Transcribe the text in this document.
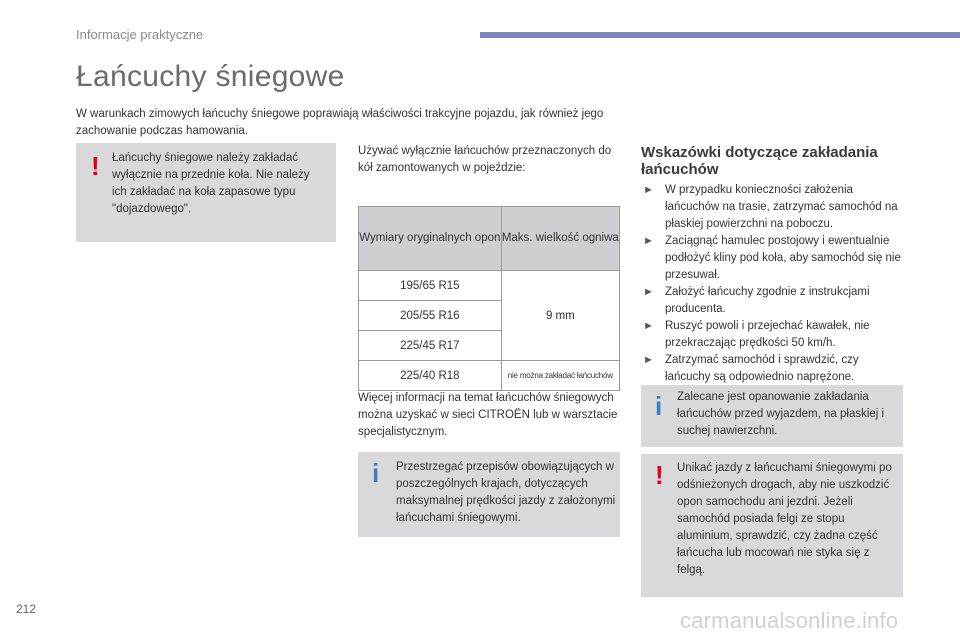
Informacje praktyczne
Łańcuchy śniegowe

W warunkach zimowych łańcuchy śniegowe poprawiają właściwości trakcyjne pojazdu, jak również jego zachowanie podczas hamowania.

! Łańcuchy śniegowe należy zakładać wyłącznie na przednie koła. Nie należy ich zakładać na koła zapasowe typu "dojazdowego".

Używać wyłącznie łańcuchów przeznaczonych do kół zamontowanych w pojeździe:

Wymiary oryginalnych opon	Maks. wielkość ogniwa
195/65 R15	9 mm
205/55 R16	
225/45 R17	
225/40 R18	nie można zakładać łańcuchów

Więcej informacji na temat łańcuchów śniegowych można uzyskać w sieci CITROËN lub w warsztacie specjalistycznym.

i Przestrzegać przepisów obowiązujących w poszczególnych krajach, dotyczących maksymalnej prędkości jazdy z założonymi łańcuchami śniegowymi.

Wskazówki dotyczące zakładania łańcuchów
► W przypadku konieczności założenia łańcuchów na trasie, zatrzymać samochód na płaskiej powierzchni na poboczu.
► Zaciągnąć hamulec postojowy i ewentualnie podłożyć kliny pod koła, aby samochód się nie przesuwał.
► Założyć łańcuchy zgodnie z instrukcjami producenta.
► Ruszyć powoli i przejechać kawałek, nie przekraczając prędkości 50 km/h.
► Zatrzymać samochód i sprawdzić, czy łańcuchy są odpowiednio naprężone.
i Zalecane jest opanowanie zakładania łańcuchów przed wyjazdem, na płaskiej i suchej nawierzchni.

! Unikać jazdy z łańcuchami śniegowymi po odśnieżonych drogach, aby nie uszkodzić opon samochodu ani jezdni. Jeżeli samochód posiada felgi ze stopu aluminium, sprawdzić, czy żadna część łańcucha lub mocowań nie styka się z felgą.

212	carmanualsonline.info
